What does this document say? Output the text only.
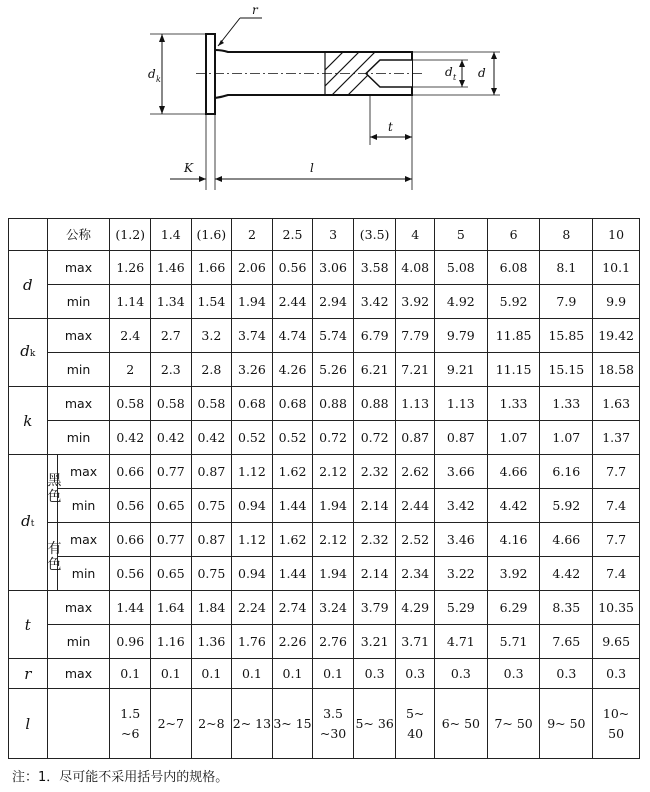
d k
r
d t d
t
K	l
	公称		(1.2)	1.4	(1.6)	2	2.5	3	(3.5)	4	5	6	8	10
d	max		1.26	1.46	1.66	2.06	0.56	3.06	3.58	4.08	5.08	6.08	8.1	10.1
	min		1.14	1.34	1.54	1.94	2.44	2.94	3.42	3.92	4.92	5.92	7.9	9.9
dk	max		2.4	2.7	3.2	3.74	4.74	5.74	6.79	7.79	9.79	11.85	15.85	19.42
	min		2	2.3	2.8	3.26	4.26	5.26	6.21	7.21	9.21	11.15	15.15	18.58
k	max		0.58	0.58	0.58	0.68	0.68	0.88	0.88	1.13	1.13	1.33	1.33	1.63
	min		0.42	0.42	0.42	0.52	0.52	0.72	0.72	0.87	0.87	1.07	1.07	1.37
dt	黑色	max	0.66	0.77	0.87	1.12	1.62	2.12	2.32	2.62	3.66	4.66	6.16	7.7
		min	0.56	0.65	0.75	0.94	1.44	1.94	2.14	2.44	3.42	4.42	5.92	7.4
	有色	max	0.66	0.77	0.87	1.12	1.62	2.12	2.32	2.52	3.46	4.16	4.66	7.7
		min	0.56	0.65	0.75	0.94	1.44	1.94	2.14	2.34	3.22	3.92	4.42	7.4
t	max		1.44	1.64	1.84	2.24	2.74	3.24	3.79	4.29	5.29	6.29	8.35	10.35
	min		0.96	1.16	1.36	1.76	2.26	2.76	3.21	3.71	4.71	5.71	7.65	9.65
r	max		0.1	0.1	0.1	0.1	0.1	0.1	0.3	0.3	0.3	0.3	0.3	0.3
l			1.5 ~6	2~7	2~8	2~ 13	3~ 15	3.5 ~30	5~ 36	5~ 40	6~ 50	7~ 50	9~ 50	10~ 50
注：1．尽可能不采用括号内的规格。
